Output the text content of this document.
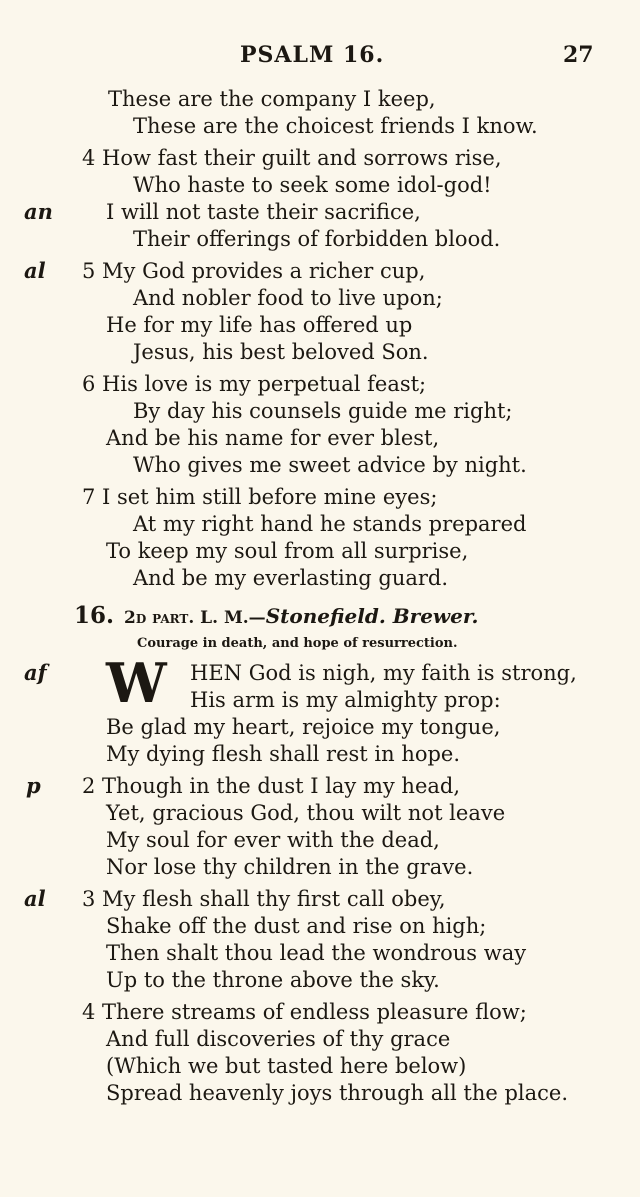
PSALM 16.	27
These are the company I keep,
These are the choicest friends I know.
4 How fast their guilt and sorrows rise,
Who haste to seek some idol-god!
an	I will not taste their sacrifice,
Their offerings of forbidden blood.
al 5 My God provides a richer cup,
And nobler food to live upon;
He for my life has offered up
Jesus, his best beloved Son.
6 His love is my perpetual feast;
By day his counsels guide me right;
And be his name for ever blest,
Who gives me sweet advice by night.
7 I set him still before mine eyes;
At my right hand he stands prepared
To keep my soul from all surprise,
And be my everlasting guard.
16. 2d part. L. M.—Stonefield. Brewer.
Courage in death, and hope of resurrection.
af W HEN God is nigh, my faith is strong,
His arm is my almighty prop:
Be glad my heart, rejoice my tongue,
My dying flesh shall rest in hope.
p 2 Though in the dust I lay my head,
Yet, gracious God, thou wilt not leave
My soul for ever with the dead,
Nor lose thy children in the grave.
al 3 My flesh shall thy first call obey,
Shake off the dust and rise on high;
Then shalt thou lead the wondrous way
Up to the throne above the sky.
4 There streams of endless pleasure flow;
And full discoveries of thy grace
(Which we but tasted here below)
Spread heavenly joys through all the place.
